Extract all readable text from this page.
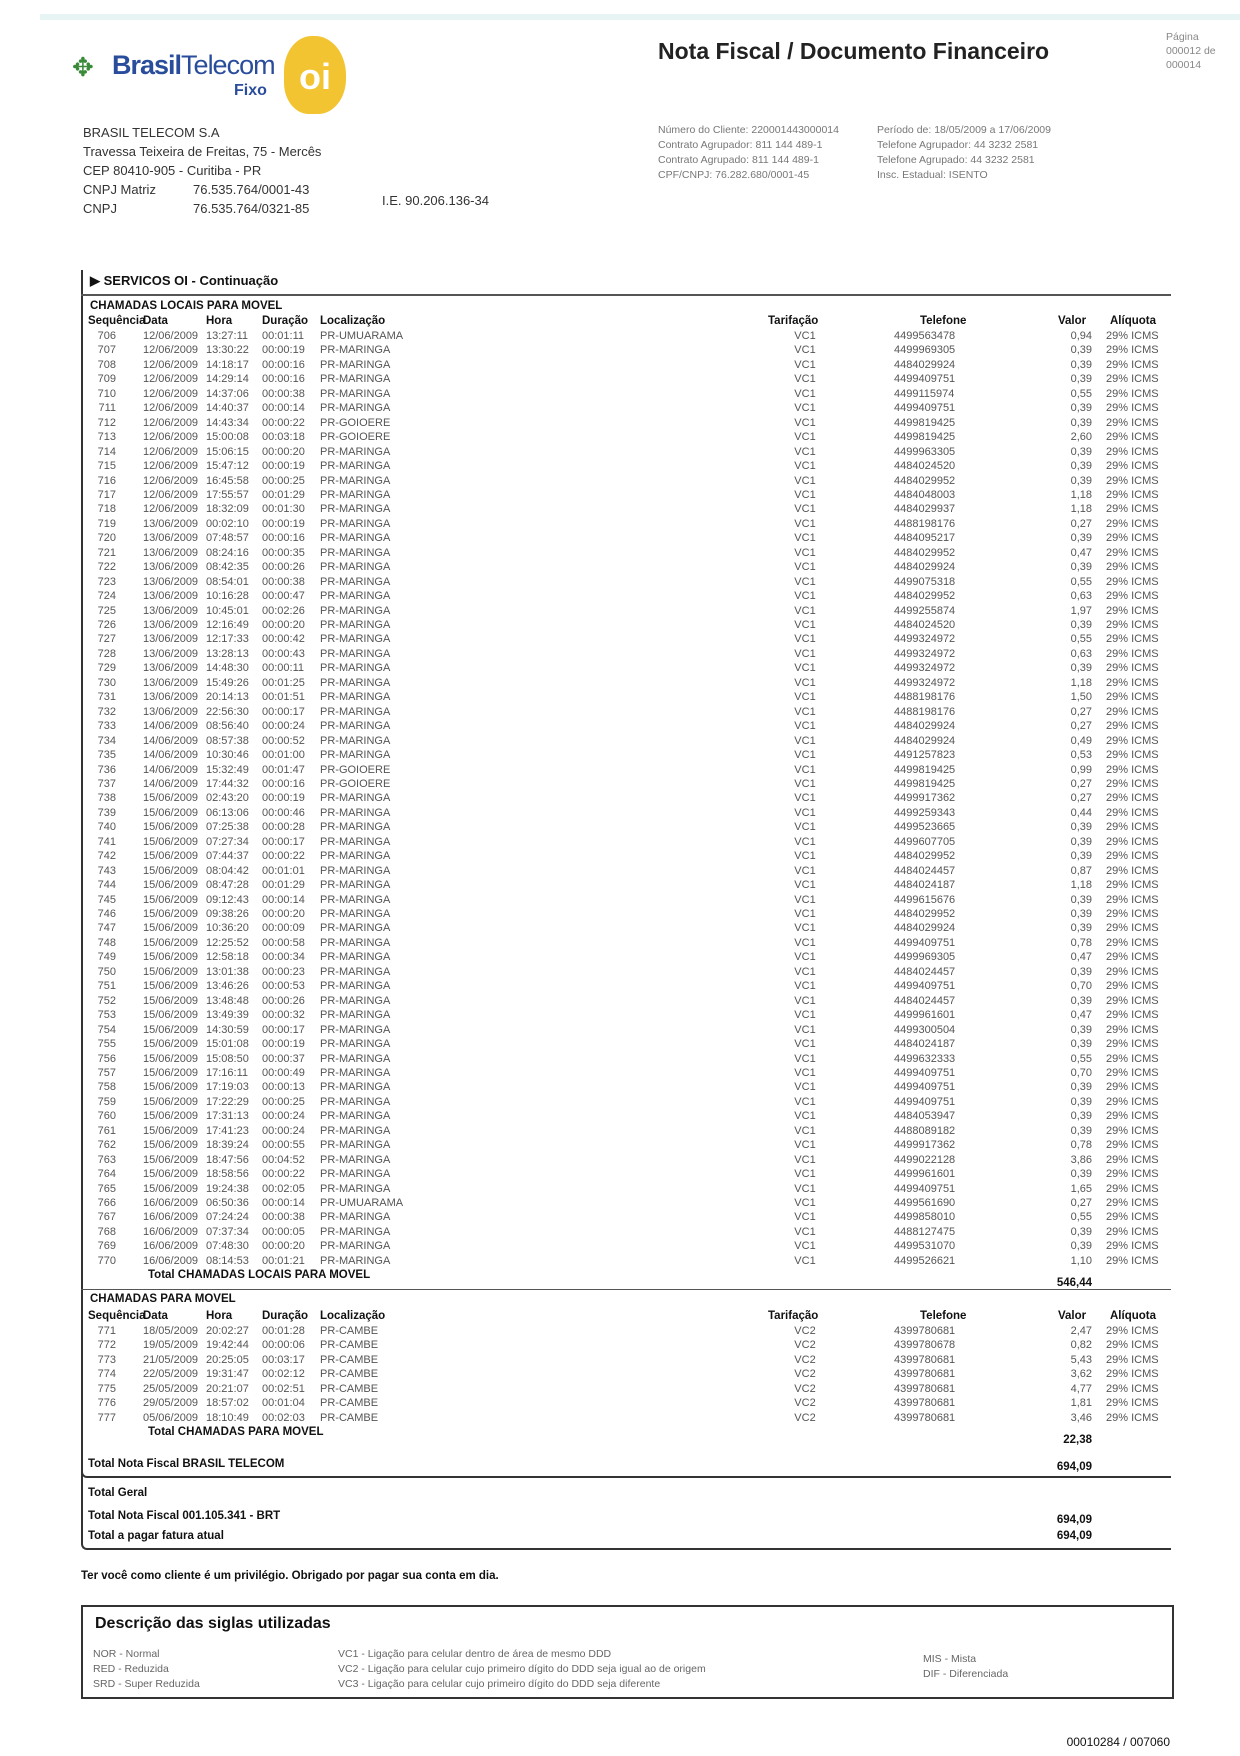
✥ BrasilTelecom
Fixo oi
Nota Fiscal / Documento Financeiro
Página
000012 de
000014
BRASIL TELECOM S.A
Travessa Teixeira de Freitas, 75 - Mercês
CEP 80410-905 - Curitiba - PR
CNPJ Matriz	76.535.764/0001-43
CNPJ	76.535.764/0321-85
I.E. 90.206.136-34
Número do Cliente: 220001443000014
Contrato Agrupador: 811 144 489-1
Contrato Agrupado: 811 144 489-1
CPF/CNPJ: 76.282.680/0001-45
Período de: 18/05/2009 a 17/06/2009
Telefone Agrupador: 44 3232 2581
Telefone Agrupado: 44 3232 2581
Insc. Estadual: ISENTO
▶ SERVICOS OI - Continuação
CHAMADAS LOCAIS PARA MOVEL
Sequência
Data	Hora	Duração Localização	Tarifação	Telefone	Valor Alíquota
706 12/06/2009 13:27:11 00:01:11 PR-UMUARAMA	VC1	4499563478	0,94 29% ICMS
707 12/06/2009 13:30:22 00:00:19 PR-MARINGA	VC1	4499969305	0,39 29% ICMS
708 12/06/2009 14:18:17 00:00:16 PR-MARINGA	VC1	4484029924	0,39 29% ICMS
709 12/06/2009 14:29:14 00:00:16 PR-MARINGA	VC1	4499409751	0,39 29% ICMS
710 12/06/2009 14:37:06 00:00:38 PR-MARINGA	VC1	4499115974	0,55 29% ICMS
711 12/06/2009 14:40:37 00:00:14 PR-MARINGA	VC1	4499409751	0,39 29% ICMS
712 12/06/2009 14:43:34 00:00:22 PR-GOIOERE	VC1	4499819425	0,39 29% ICMS
713 12/06/2009 15:00:08 00:03:18 PR-GOIOERE	VC1	4499819425	2,60 29% ICMS
714 12/06/2009 15:06:15 00:00:20 PR-MARINGA	VC1	4499963305	0,39 29% ICMS
715 12/06/2009 15:47:12 00:00:19 PR-MARINGA	VC1	4484024520	0,39 29% ICMS
716 12/06/2009 16:45:58 00:00:25 PR-MARINGA	VC1	4484029952	0,39 29% ICMS
717 12/06/2009 17:55:57 00:01:29 PR-MARINGA	VC1	4484048003	1,18 29% ICMS
718 12/06/2009 18:32:09 00:01:30 PR-MARINGA	VC1	4484029937	1,18 29% ICMS
719 13/06/2009 00:02:10 00:00:19 PR-MARINGA	VC1	4488198176	0,27 29% ICMS
720 13/06/2009 07:48:57 00:00:16 PR-MARINGA	VC1	4484095217	0,39 29% ICMS
721 13/06/2009 08:24:16 00:00:35 PR-MARINGA	VC1	4484029952	0,47 29% ICMS
722 13/06/2009 08:42:35 00:00:26 PR-MARINGA	VC1	4484029924	0,39 29% ICMS
723 13/06/2009 08:54:01 00:00:38 PR-MARINGA	VC1	4499075318	0,55 29% ICMS
724 13/06/2009 10:16:28 00:00:47 PR-MARINGA	VC1	4484029952	0,63 29% ICMS
725 13/06/2009 10:45:01 00:02:26 PR-MARINGA	VC1	4499255874	1,97 29% ICMS
726 13/06/2009 12:16:49 00:00:20 PR-MARINGA	VC1	4484024520	0,39 29% ICMS
727 13/06/2009 12:17:33 00:00:42 PR-MARINGA	VC1	4499324972	0,55 29% ICMS
728 13/06/2009 13:28:13 00:00:43 PR-MARINGA	VC1	4499324972	0,63 29% ICMS
729 13/06/2009 14:48:30 00:00:11 PR-MARINGA	VC1	4499324972	0,39 29% ICMS
730 13/06/2009 15:49:26 00:01:25 PR-MARINGA	VC1	4499324972	1,18 29% ICMS
731 13/06/2009 20:14:13 00:01:51 PR-MARINGA	VC1	4488198176	1,50 29% ICMS
732 13/06/2009 22:56:30 00:00:17 PR-MARINGA	VC1	4488198176	0,27 29% ICMS
733 14/06/2009 08:56:40 00:00:24 PR-MARINGA	VC1	4484029924	0,27 29% ICMS
734 14/06/2009 08:57:38 00:00:52 PR-MARINGA	VC1	4484029924	0,49 29% ICMS
735 14/06/2009 10:30:46 00:01:00 PR-MARINGA	VC1	4491257823	0,53 29% ICMS
736 14/06/2009 15:32:49 00:01:47 PR-GOIOERE	VC1	4499819425	0,99 29% ICMS
737 14/06/2009 17:44:32 00:00:16 PR-GOIOERE	VC1	4499819425	0,27 29% ICMS
738 15/06/2009 02:43:20 00:00:19 PR-MARINGA	VC1	4499917362	0,27 29% ICMS
739 15/06/2009 06:13:06 00:00:46 PR-MARINGA	VC1	4499259343	0,44 29% ICMS
740 15/06/2009 07:25:38 00:00:28 PR-MARINGA	VC1	4499523665	0,39 29% ICMS
741 15/06/2009 07:27:34 00:00:17 PR-MARINGA	VC1	4499607705	0,39 29% ICMS
742 15/06/2009 07:44:37 00:00:22 PR-MARINGA	VC1	4484029952	0,39 29% ICMS
743 15/06/2009 08:04:42 00:01:01 PR-MARINGA	VC1	4484024457	0,87 29% ICMS
744 15/06/2009 08:47:28 00:01:29 PR-MARINGA	VC1	4484024187	1,18 29% ICMS
745 15/06/2009 09:12:43 00:00:14 PR-MARINGA	VC1	4499615676	0,39 29% ICMS
746 15/06/2009 09:38:26 00:00:20 PR-MARINGA	VC1	4484029952	0,39 29% ICMS
747 15/06/2009 10:36:20 00:00:09 PR-MARINGA	VC1	4484029924	0,39 29% ICMS
748 15/06/2009 12:25:52 00:00:58 PR-MARINGA	VC1	4499409751	0,78 29% ICMS
749 15/06/2009 12:58:18 00:00:34 PR-MARINGA	VC1	4499969305	0,47 29% ICMS
750 15/06/2009 13:01:38 00:00:23 PR-MARINGA	VC1	4484024457	0,39 29% ICMS
751 15/06/2009 13:46:26 00:00:53 PR-MARINGA	VC1	4499409751	0,70 29% ICMS
752 15/06/2009 13:48:48 00:00:26 PR-MARINGA	VC1	4484024457	0,39 29% ICMS
753 15/06/2009 13:49:39 00:00:32 PR-MARINGA	VC1	4499961601	0,47 29% ICMS
754 15/06/2009 14:30:59 00:00:17 PR-MARINGA	VC1	4499300504	0,39 29% ICMS
755 15/06/2009 15:01:08 00:00:19 PR-MARINGA	VC1	4484024187	0,39 29% ICMS
756 15/06/2009 15:08:50 00:00:37 PR-MARINGA	VC1	4499632333	0,55 29% ICMS
757 15/06/2009 17:16:11 00:00:49 PR-MARINGA	VC1	4499409751	0,70 29% ICMS
758 15/06/2009 17:19:03 00:00:13 PR-MARINGA	VC1	4499409751	0,39 29% ICMS
759 15/06/2009 17:22:29 00:00:25 PR-MARINGA	VC1	4499409751	0,39 29% ICMS
760 15/06/2009 17:31:13 00:00:24 PR-MARINGA	VC1	4484053947	0,39 29% ICMS
761 15/06/2009 17:41:23 00:00:24 PR-MARINGA	VC1	4488089182	0,39 29% ICMS
762 15/06/2009 18:39:24 00:00:55 PR-MARINGA	VC1	4499917362	0,78 29% ICMS
763 15/06/2009 18:47:56 00:04:52 PR-MARINGA	VC1	4499022128	3,86 29% ICMS
764 15/06/2009 18:58:56 00:00:22 PR-MARINGA	VC1	4499961601	0,39 29% ICMS
765 15/06/2009 19:24:38 00:02:05 PR-MARINGA	VC1	4499409751	1,65 29% ICMS
766 16/06/2009 06:50:36 00:00:14 PR-UMUARAMA	VC1	4499561690	0,27 29% ICMS
767 16/06/2009 07:24:24 00:00:38 PR-MARINGA	VC1	4499858010	0,55 29% ICMS
768 16/06/2009 07:37:34 00:00:05 PR-MARINGA	VC1	4488127475	0,39 29% ICMS
769 16/06/2009 07:48:30 00:00:20 PR-MARINGA	VC1	4499531070	0,39 29% ICMS
770 16/06/2009 08:14:53 00:01:21 PR-MARINGA	VC1	4499526621	1,10 29% ICMS
Total CHAMADAS LOCAIS PARA MOVEL
546,44
CHAMADAS PARA MOVEL
Sequência
Data	Hora	Duração Localização	Tarifação	Telefone	Valor Alíquota
771 18/05/2009 20:02:27 00:01:28 PR-CAMBE	VC2	4399780681	2,47 29% ICMS
772 19/05/2009 19:42:44 00:00:06 PR-CAMBE	VC2	4399780678	0,82 29% ICMS
773 21/05/2009 20:25:05 00:03:17 PR-CAMBE	VC2	4399780681	5,43 29% ICMS
774 22/05/2009 19:31:47 00:02:12 PR-CAMBE	VC2	4399780681	3,62 29% ICMS
775 25/05/2009 20:21:07 00:02:51 PR-CAMBE	VC2	4399780681	4,77 29% ICMS
776 29/05/2009 18:57:02 00:01:04 PR-CAMBE	VC2	4399780681	1,81 29% ICMS
777 05/06/2009 18:10:49 00:02:03 PR-CAMBE	VC2	4399780681	3,46 29% ICMS
Total CHAMADAS PARA MOVEL
22,38
Total Nota Fiscal BRASIL TELECOM	694,09
Total Geral
Total Nota Fiscal 001.105.341 - BRT	694,09
Total a pagar fatura atual	694,09
Ter você como cliente é um privilégio. Obrigado por pagar sua conta em dia.
Descrição das siglas utilizadas
NOR - Normal
RED - Reduzida
SRD - Super Reduzida
VC1 - Ligação para celular dentro de área de mesmo DDD
VC2 - Ligação para celular cujo primeiro dígito do DDD seja igual ao de origem
VC3 - Ligação para celular cujo primeiro dígito do DDD seja diferente
MIS - Mista
DIF - Diferenciada
00010284 / 007060
